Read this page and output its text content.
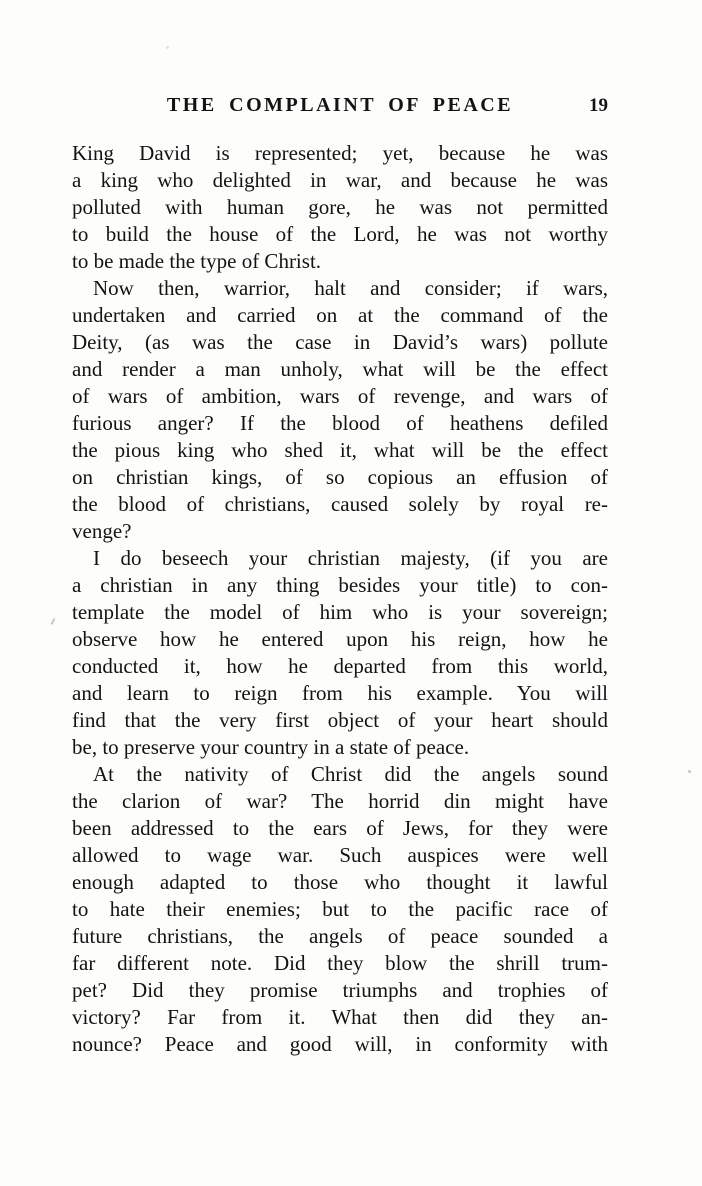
THE COMPLAINT OF PEACE	19
King David is represented; yet, because he was
a king who delighted in war, and because he was
polluted with human gore, he was not permitted
to build the house of the Lord, he was not worthy
to be made the type of Christ.
Now then, warrior, halt and consider; if wars,
undertaken and carried on at the command of the
Deity, (as was the case in David’s wars) pollute
and render a man unholy, what will be the effect
of wars of ambition, wars of revenge, and wars of
furious anger? If the blood of heathens defiled
the pious king who shed it, what will be the effect
on christian kings, of so copious an effusion of
the blood of christians, caused solely by royal re-
venge?
I do beseech your christian majesty, (if you are
a christian in any thing besides your title) to con-
template the model of him who is your sovereign;
observe how he entered upon his reign, how he
conducted it, how he departed from this world,
and learn to reign from his example. You will
find that the very first object of your heart should
be, to preserve your country in a state of peace.
At the nativity of Christ did the angels sound
the clarion of war? The horrid din might have
been addressed to the ears of Jews, for they were
allowed to wage war. Such auspices were well
enough adapted to those who thought it lawful
to hate their enemies; but to the pacific race of
future christians, the angels of peace sounded a
far different note. Did they blow the shrill trum-
pet? Did they promise triumphs and trophies of
victory? Far from it. What then did they an-
nounce? Peace and good will, in conformity with
